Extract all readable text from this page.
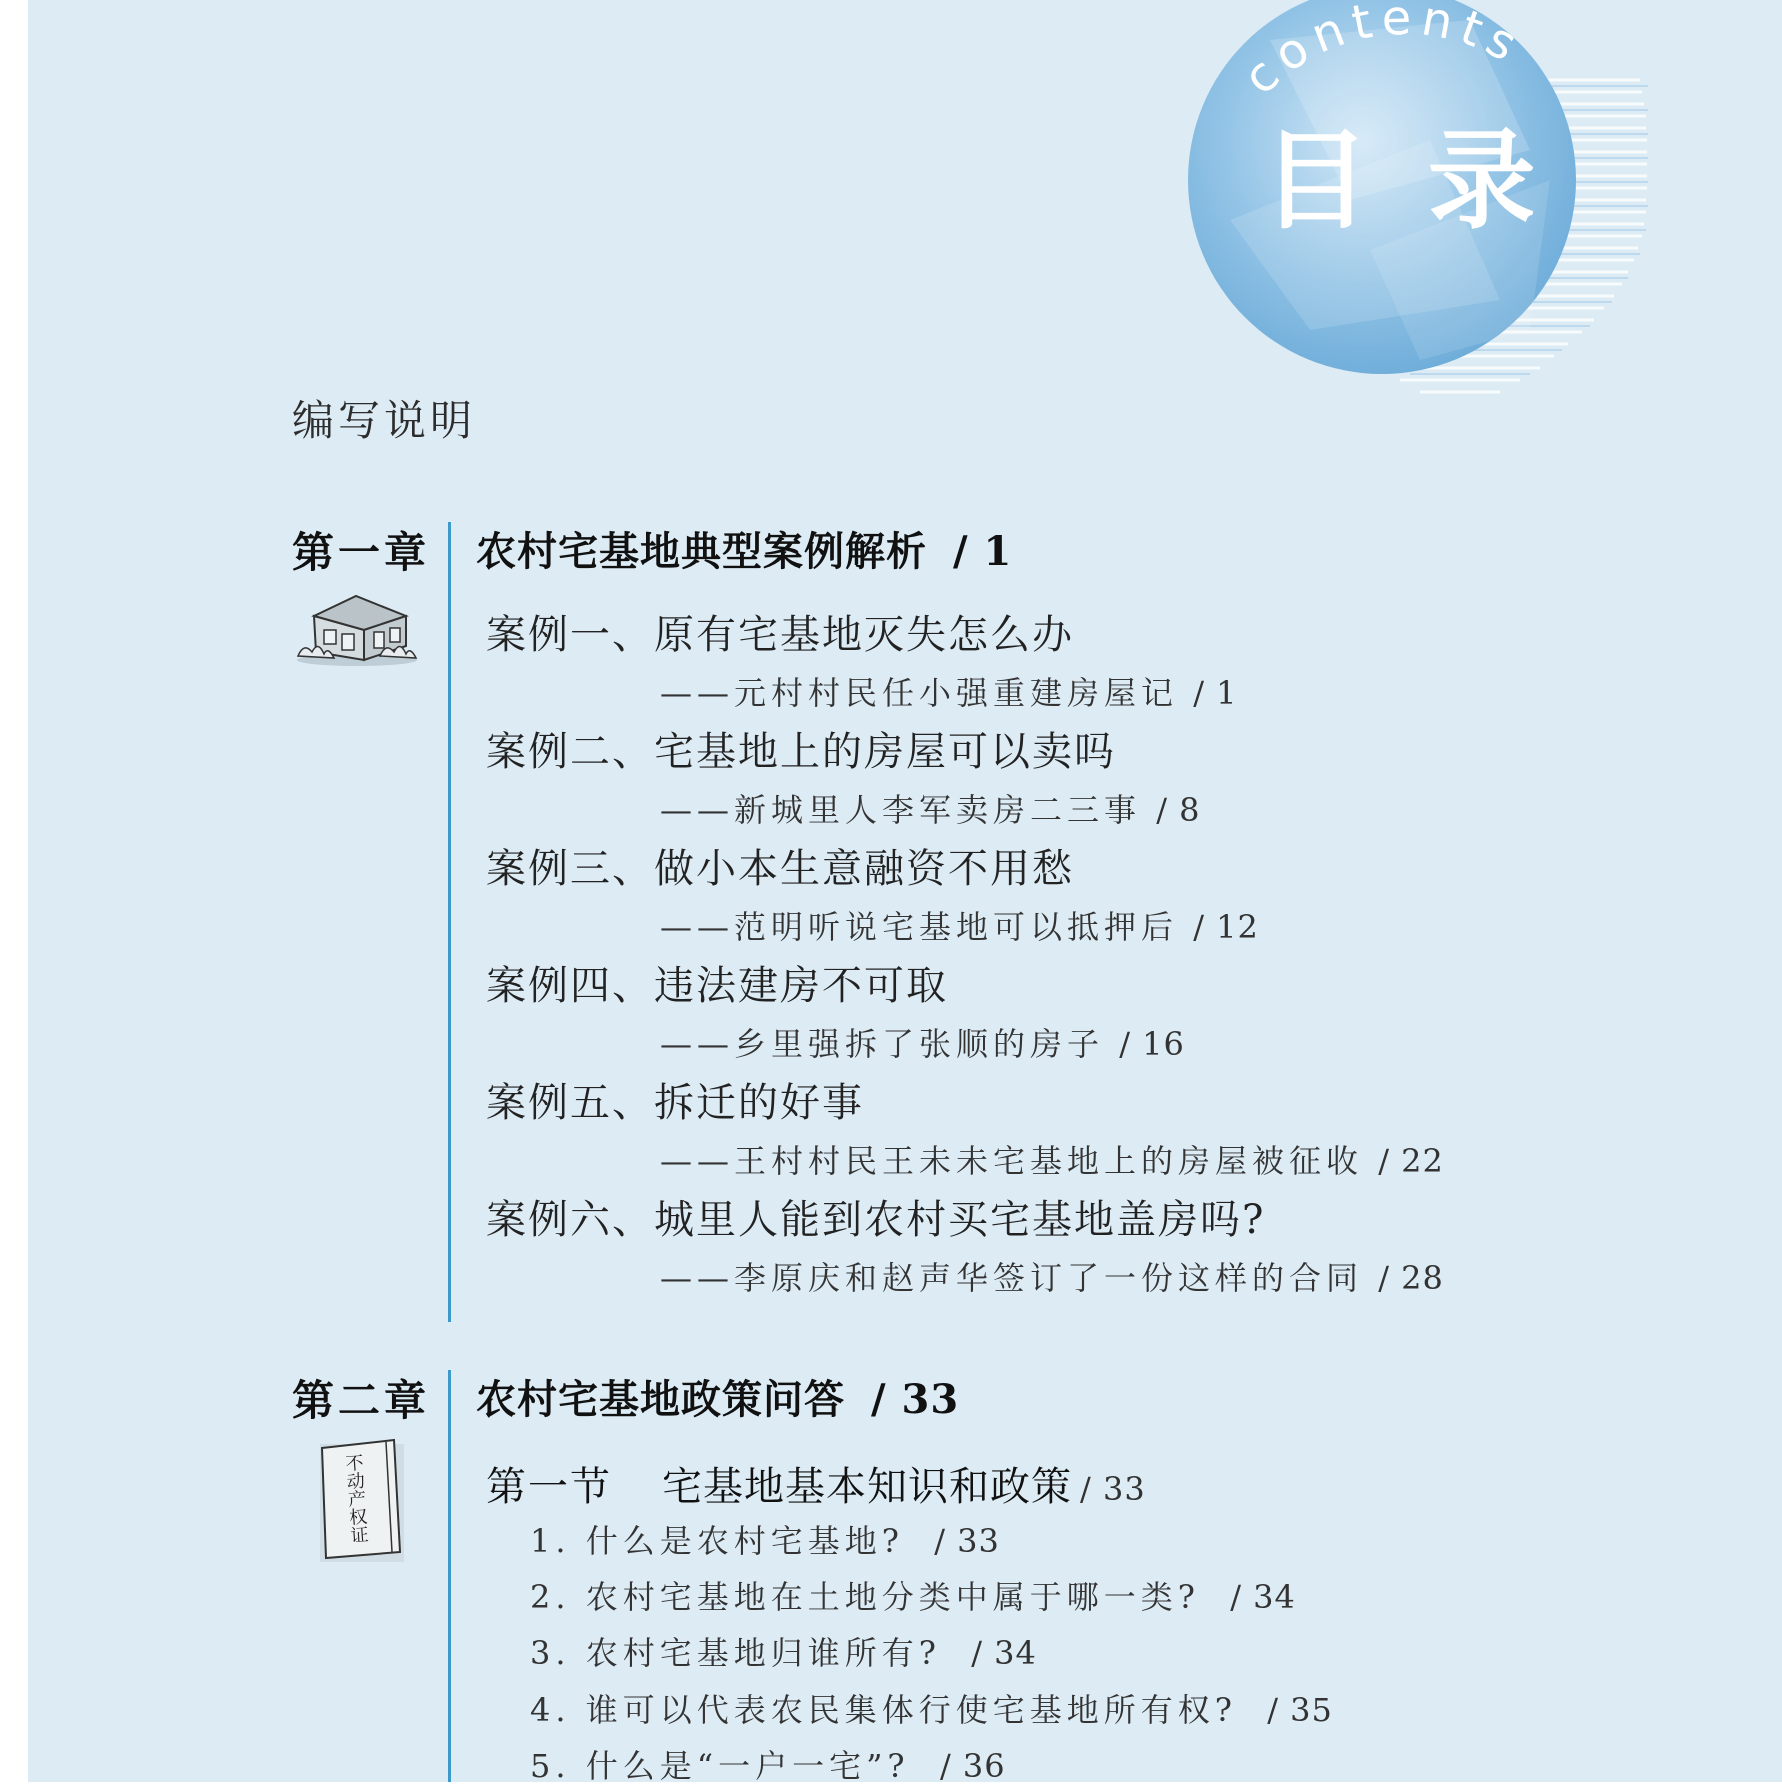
contents
目 录
编写说明
第一章 农村宅基地典型案例解析 / 1
案例一、原有宅基地灭失怎么办
——元村村民任小强重建房屋记 / 1
案例二、宅基地上的房屋可以卖吗
——新城里人李军卖房二三事 / 8
案例三、做小本生意融资不用愁
——范明听说宅基地可以抵押后 / 12
案例四、违法建房不可取
——乡里强拆了张顺的房子 / 16
案例五、拆迁的好事
——王村村民王未未宅基地上的房屋被征收 / 22
案例六、城里人能到农村买宅基地盖房吗?
——李原庆和赵声华签订了一份这样的合同 / 28
第二章 农村宅基地政策问答 / 33
不 动 产 权 证
第一节 宅基地基本知识和政策 / 33
1. 什么是农村宅基地? / 33
2. 农村宅基地在土地分类中属于哪一类? / 34
3. 农村宅基地归谁所有? / 34
4. 谁可以代表农民集体行使宅基地所有权? / 35
5. 什么是“一户一宅”? / 36
